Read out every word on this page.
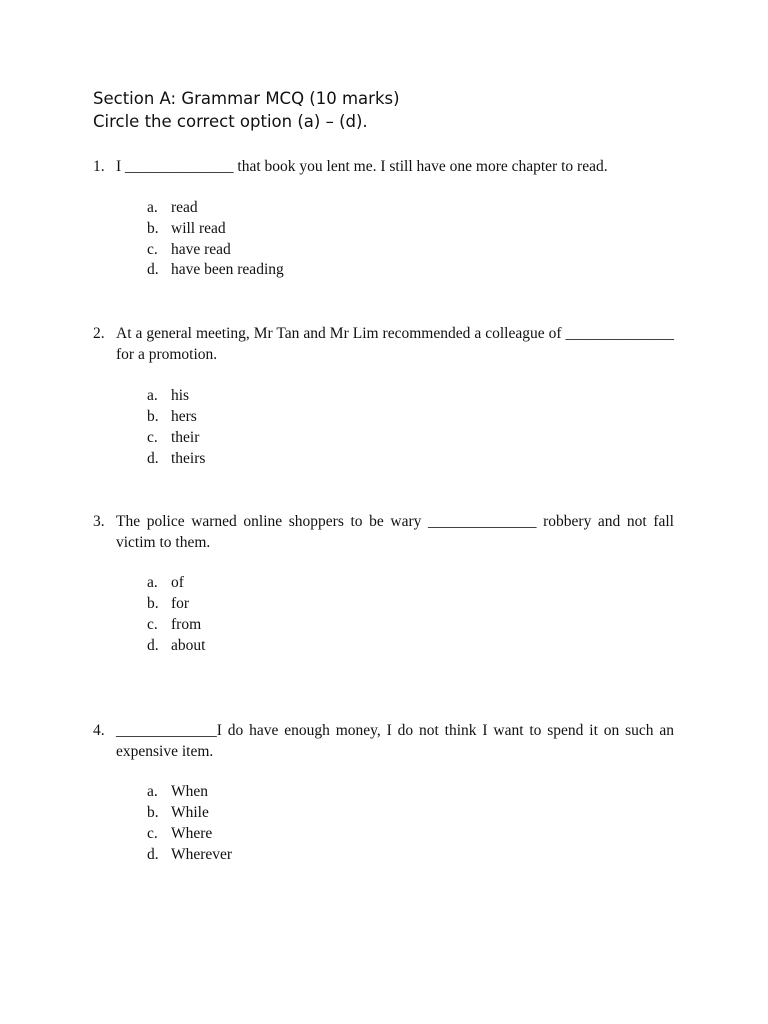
Section A: Grammar MCQ (10 marks)
Circle the correct option (a) – (d).
1. I ______________ that book you lent me. I still have one more chapter to read.
a. read
b. will read
c. have read
d. have been reading
2. At a general meeting, Mr Tan and Mr Lim recommended a colleague of ______________ for a promotion.
a. his
b. hers
c. their
d. theirs
3. The police warned online shoppers to be wary ______________ robbery and not fall victim to them.
a. of
b. for
c. from
d. about
4. _____________I do have enough money, I do not think I want to spend it on such an expensive item.
a. When
b. While
c. Where
d. Wherever
